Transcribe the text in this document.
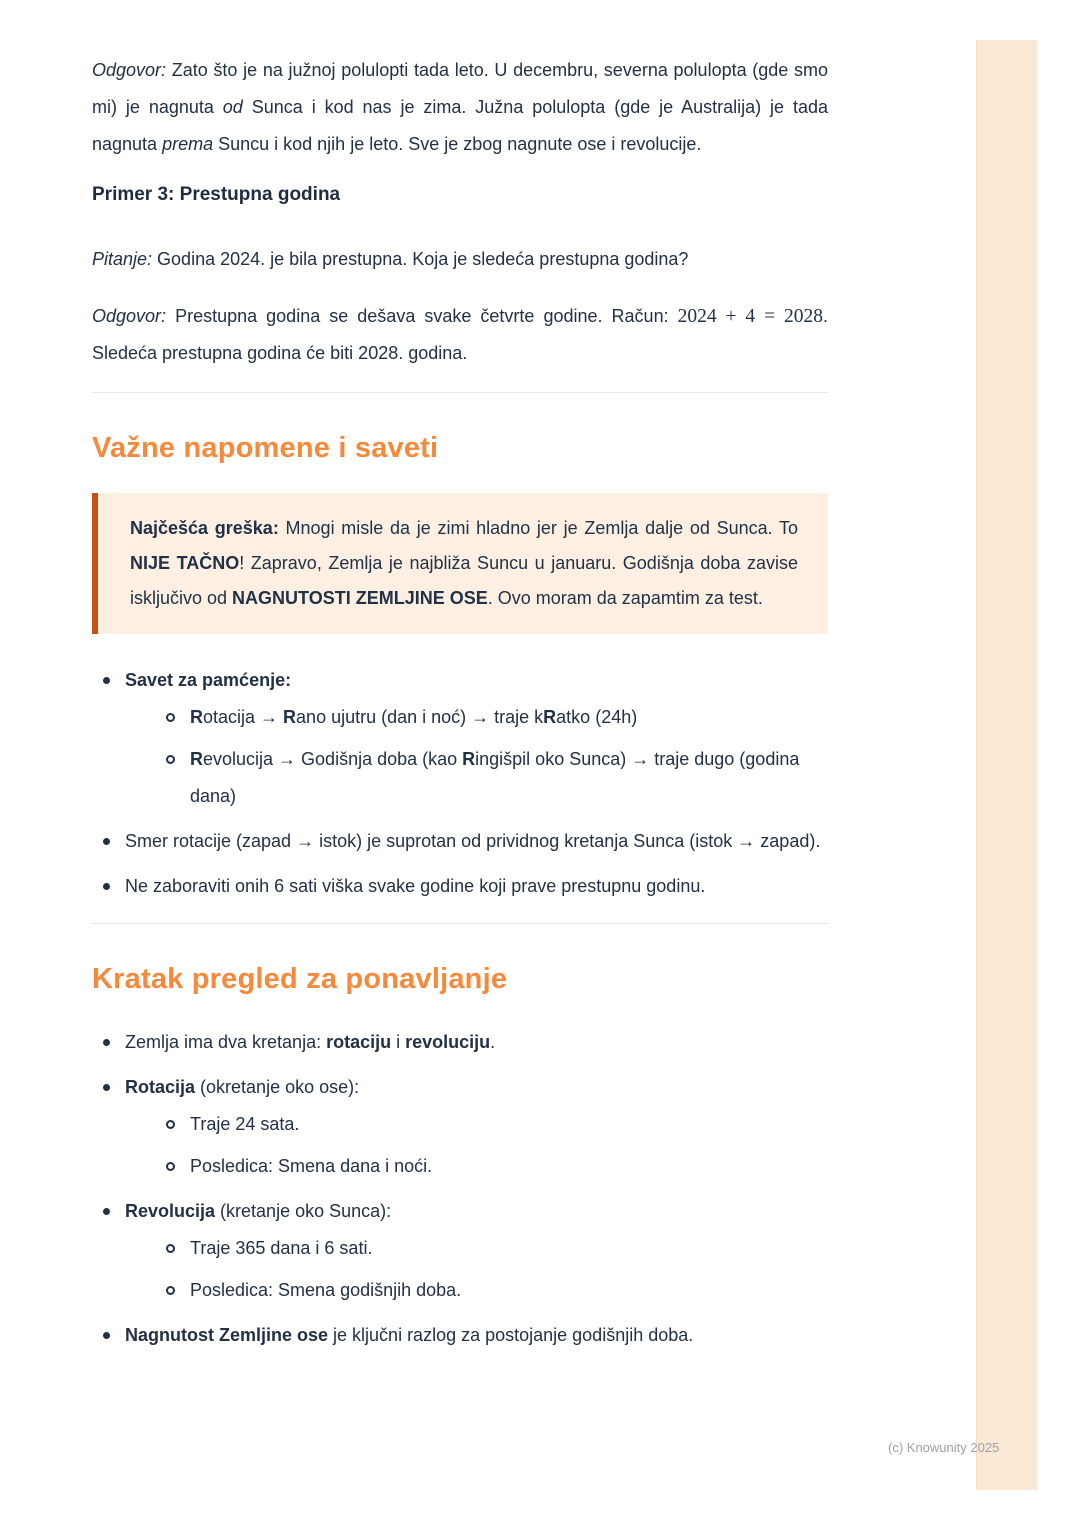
Odgovor: Zato što je na južnoj polulopti tada leto. U decembru, severna polulopta (gde smo mi) je nagnuta od Sunca i kod nas je zima. Južna polulopta (gde je Australija) je tada nagnuta prema Suncu i kod njih je leto. Sve je zbog nagnute ose i revolucije.

Primer 3: Prestupna godina

Pitanje: Godina 2024. je bila prestupna. Koja je sledeća prestupna godina?

Odgovor: Prestupna godina se dešava svake četvrte godine. Račun: 2024 + 4 = 2028. Sledeća prestupna godina će biti 2028. godina.

Važne napomene i saveti

Najčešća greška: Mnogi misle da je zimi hladno jer je Zemlja dalje od Sunca. To NIJE TAČNO! Zapravo, Zemlja je najbliža Suncu u januaru. Godišnja doba zavise isključivo od NAGNUTOSTI ZEMLJINE OSE. Ovo moram da zapamtim za test.

Savet za pamćenje:
Rotacija → Rano ujutru (dan i noć) → traje kRatko (24h)
Revolucija → Godišnja doba (kao Ringišpil oko Sunca) → traje dugo (godina dana)
Smer rotacije (zapad → istok) je suprotan od prividnog kretanja Sunca (istok → zapad).
Ne zaboraviti onih 6 sati viška svake godine koji prave prestupnu godinu.
Kratak pregled za ponavljanje
Zemlja ima dva kretanja: rotaciju i revoluciju.
Rotacija (okretanje oko ose):
Traje 24 sata.
Posledica: Smena dana i noći.
Revolucija (kretanje oko Sunca):
Traje 365 dana i 6 sati.
Posledica: Smena godišnjih doba.
Nagnutost Zemljine ose je ključni razlog za postojanje godišnjih doba.
(c) Knowunity 2025
